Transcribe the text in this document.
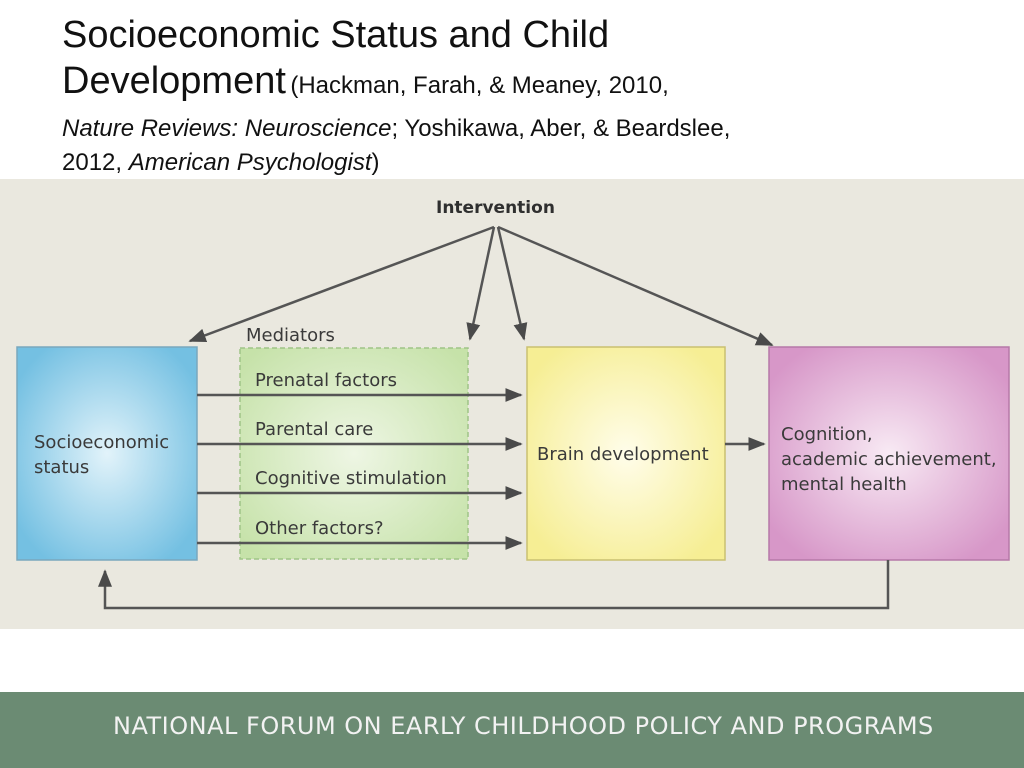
Socioeconomic Status and Child
Development (Hackman, Farah, & Meaney, 2010,
Nature Reviews: Neuroscience; Yoshikawa, Aber, & Beardslee,
2012, American Psychologist)
Intervention
Socioeconomic
status
Mediators
Prenatal factors
Parental care
Cognitive stimulation
Other factors?
Brain development
Cognition,
academic achievement,
mental health
NATIONAL FORUM ON EARLY CHILDHOOD POLICY AND PROGRAMS
